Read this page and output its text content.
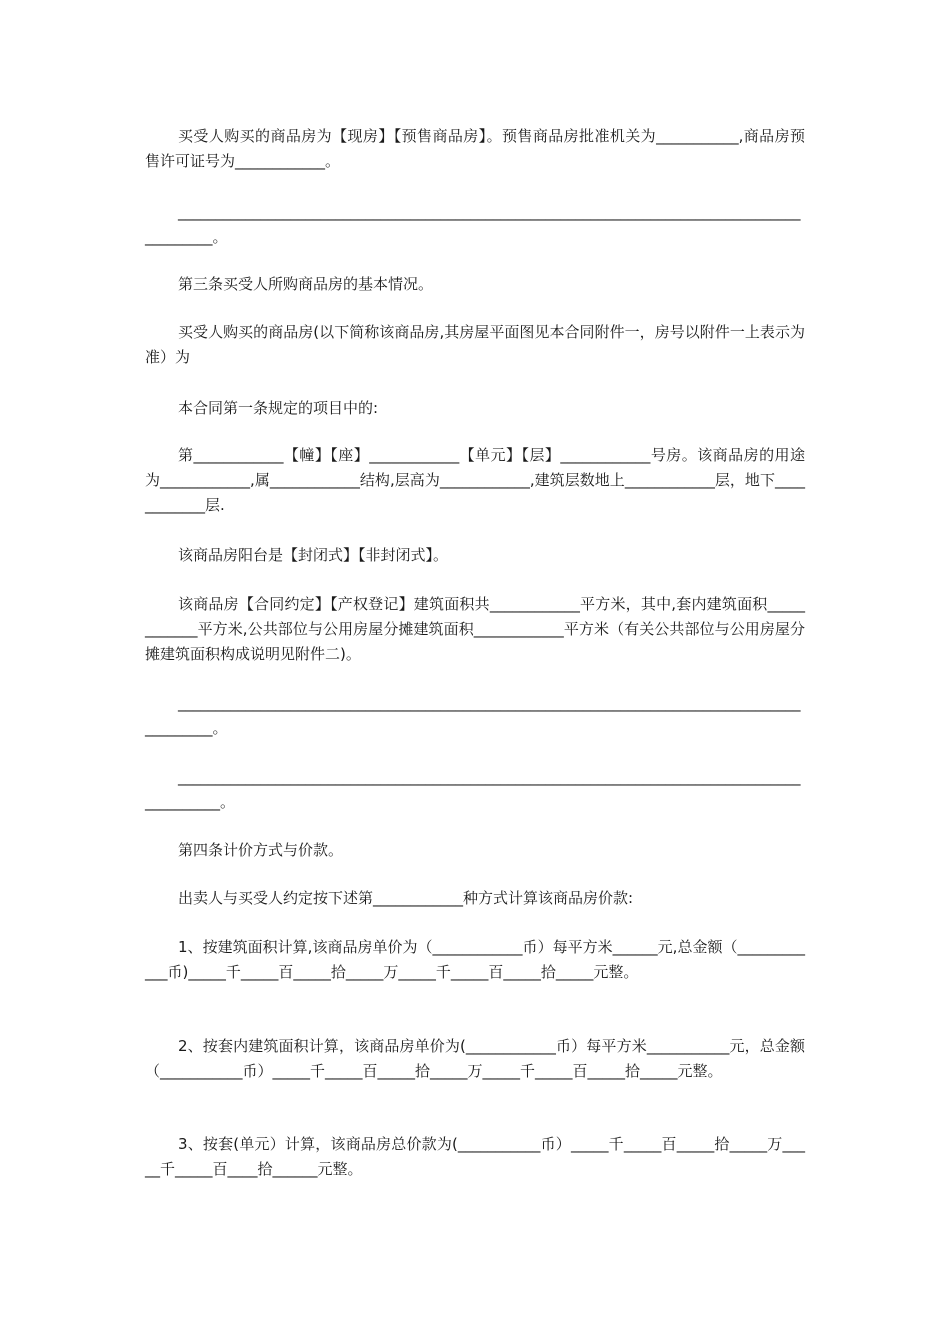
买受人购买的商品房为【现房】【预售商品房】。预售商品房批准机关为___________,商品房预售许可证号为____________。

____________________________________________________________________________________________。

第三条买受人所购商品房的基本情况。

买受人购买的商品房(以下简称该商品房,其房屋平面图见本合同附件一，房号以附件一上表示为准）为

本合同第一条规定的项目中的:

第____________【幢】【座】____________【单元】【层】____________号房。该商品房的用途为____________,属____________结构,层高为____________,建筑层数地上____________层，地下____________层.

该商品房阳台是【封闭式】【非封闭式】。

该商品房【合同约定】【产权登记】建筑面积共____________平方米，其中,套内建筑面积____________平方米,公共部位与公用房屋分摊建筑面积____________平方米（有关公共部位与公用房屋分摊建筑面积构成说明见附件二)。

____________________________________________________________________________________________。

_____________________________________________________________________________________________。

第四条计价方式与价款。

出卖人与买受人约定按下述第____________种方式计算该商品房价款:

1、按建筑面积计算,该商品房单价为（____________币）每平方米______元,总金额（____________币)_____千_____百_____拾_____万_____千_____百_____拾_____元整。

2、按套内建筑面积计算，该商品房单价为(____________币）每平方米___________元，总金额（___________币）_____千_____百_____拾_____万_____千_____百_____拾_____元整。

3、按套(单元）计算，该商品房总价款为(___________币）_____千_____百_____拾_____万_____千_____百____拾______元整。
